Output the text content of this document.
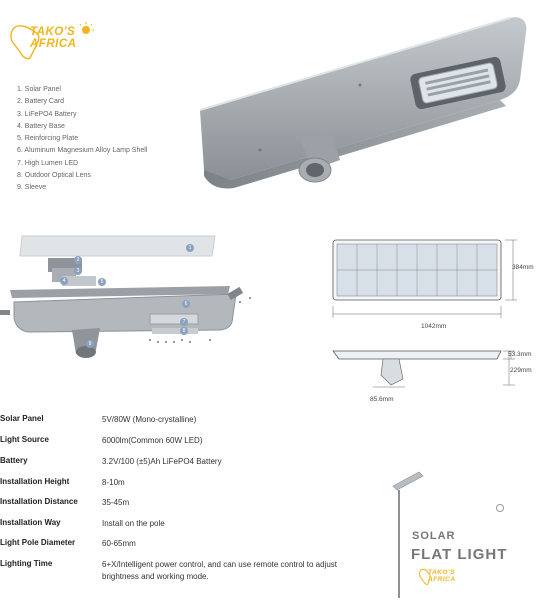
TAKO'S AFRICA
1. Solar Panel
2. Battery Card
3. LiFePO4 Battery
4. Battery Base
5. Reinforcing Plate
6. Aluminum Magnesium Alloy Lamp Shell
7. High Lumen LED
8. Outdoor Optical Lens
9. Sleeve
1
2
3
4	5
6
7
8
9
384mm
1042mm
53.3mm
229mm
85.6mm
Solar Panel	5V/80W (Mono-crystalline)
Light Source	6000lm(Common 60W LED)
Battery	3.2V/100 (±5)Ah LiFePO4 Battery
Installation Height	8-10m
Installation Distance	35-45m
Installation Way	Install on the pole
Light Pole Diameter	60-65mm
Lighting Time	6+X/Intelligent power control, and can use remote control to adjust brightness and working mode.
SOLAR
FLAT LIGHT
TAKO'S AFRICA
